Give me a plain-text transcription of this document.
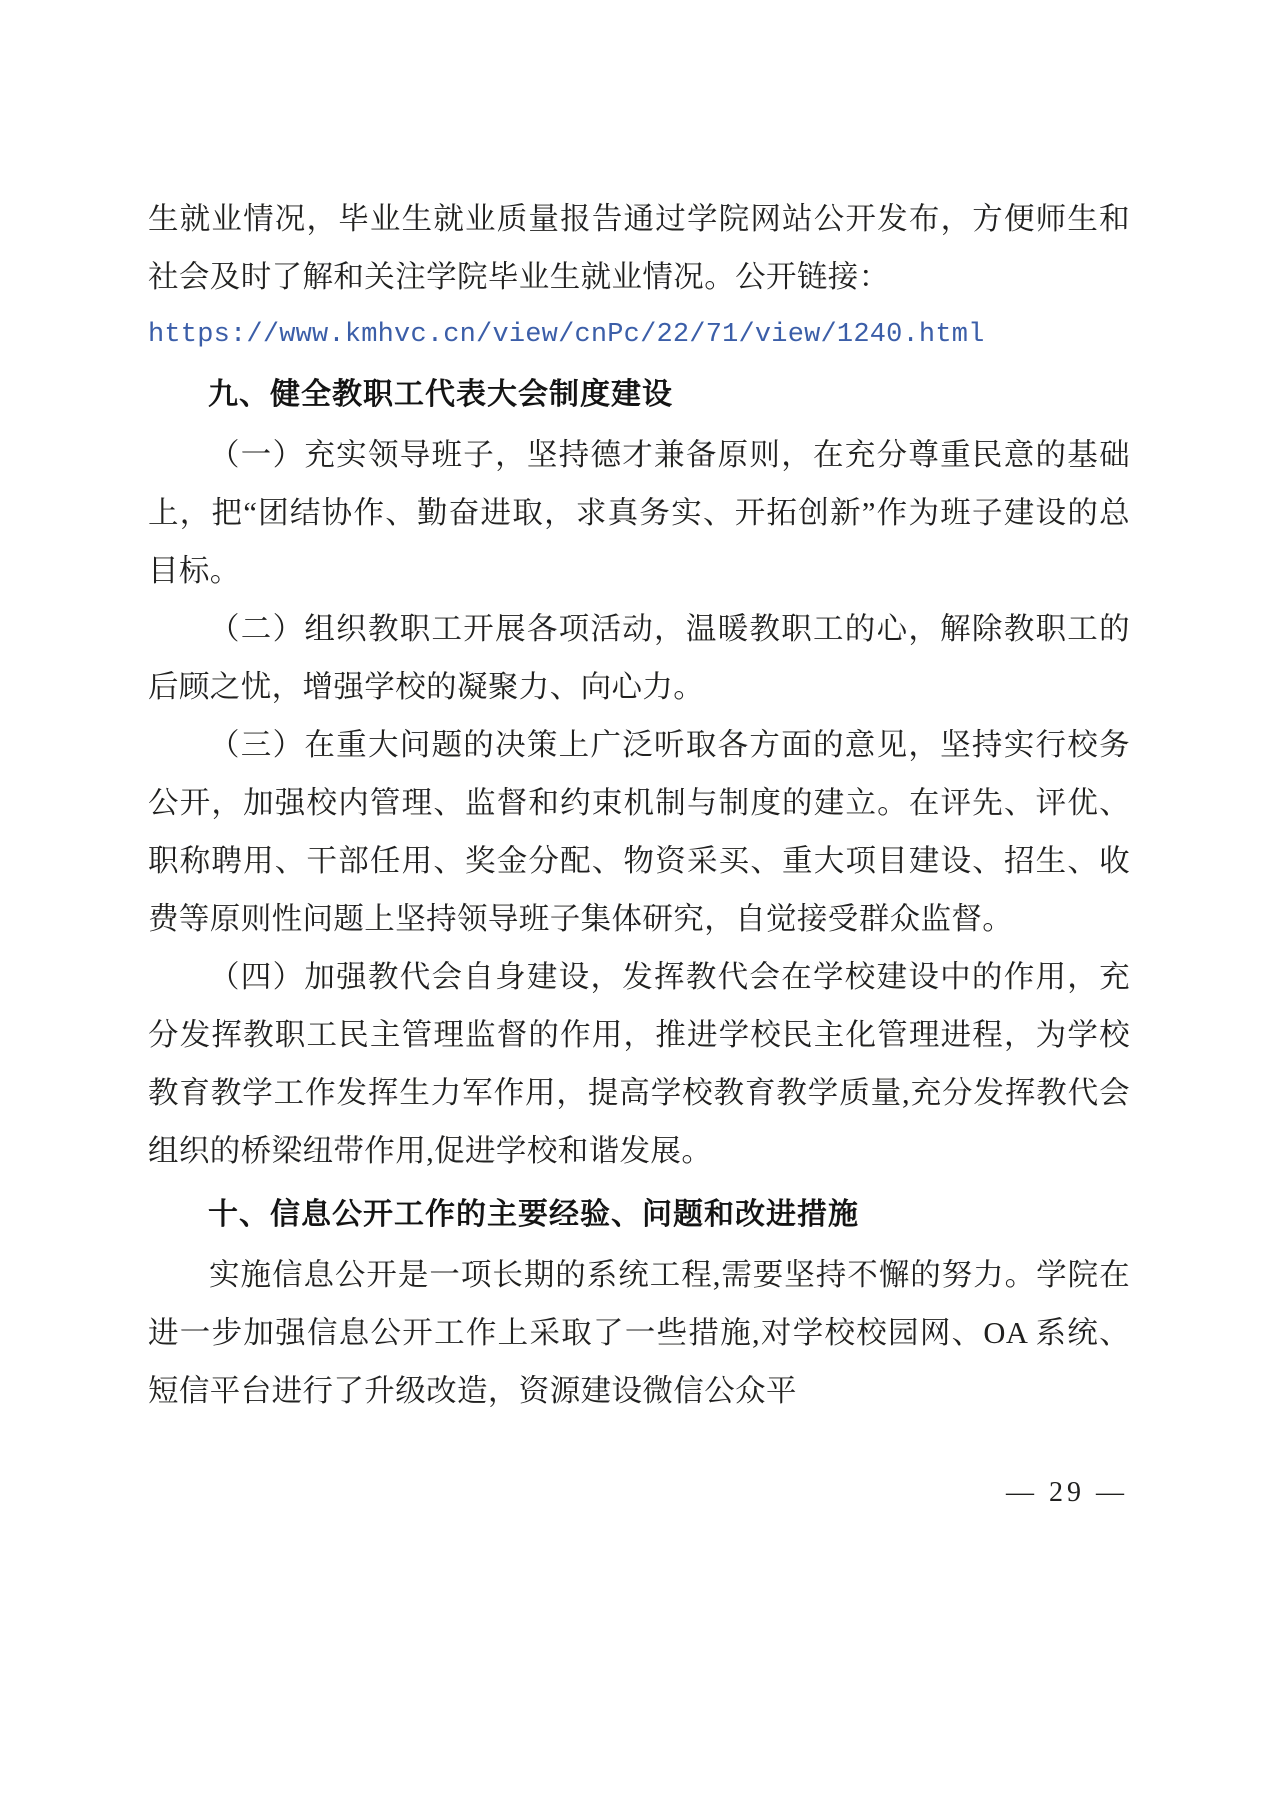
生就业情况，毕业生就业质量报告通过学院网站公开发布，方便师生和社会及时了解和关注学院毕业生就业情况。公开链接：

https://www.kmhvc.cn/view/cnPc/22/71/view/1240.html

九、健全教职工代表大会制度建设

（一）充实领导班子，坚持德才兼备原则，在充分尊重民意的基础上，把“团结协作、勤奋进取，求真务实、开拓创新”作为班子建设的总目标。

（二）组织教职工开展各项活动，温暖教职工的心，解除教职工的后顾之忧，增强学校的凝聚力、向心力。

（三）在重大问题的决策上广泛听取各方面的意见，坚持实行校务公开，加强校内管理、监督和约束机制与制度的建立。在评先、评优、职称聘用、干部任用、奖金分配、物资采买、重大项目建设、招生、收费等原则性问题上坚持领导班子集体研究，自觉接受群众监督。

（四）加强教代会自身建设，发挥教代会在学校建设中的作用，充分发挥教职工民主管理监督的作用，推进学校民主化管理进程，为学校教育教学工作发挥生力军作用，提高学校教育教学质量,充分发挥教代会组织的桥梁纽带作用,促进学校和谐发展。

十、信息公开工作的主要经验、问题和改进措施

实施信息公开是一项长期的系统工程,需要坚持不懈的努力。学院在进一步加强信息公开工作上采取了一些措施,对学校校园网、OA 系统、短信平台进行了升级改造，资源建设微信公众平

— 29 —
